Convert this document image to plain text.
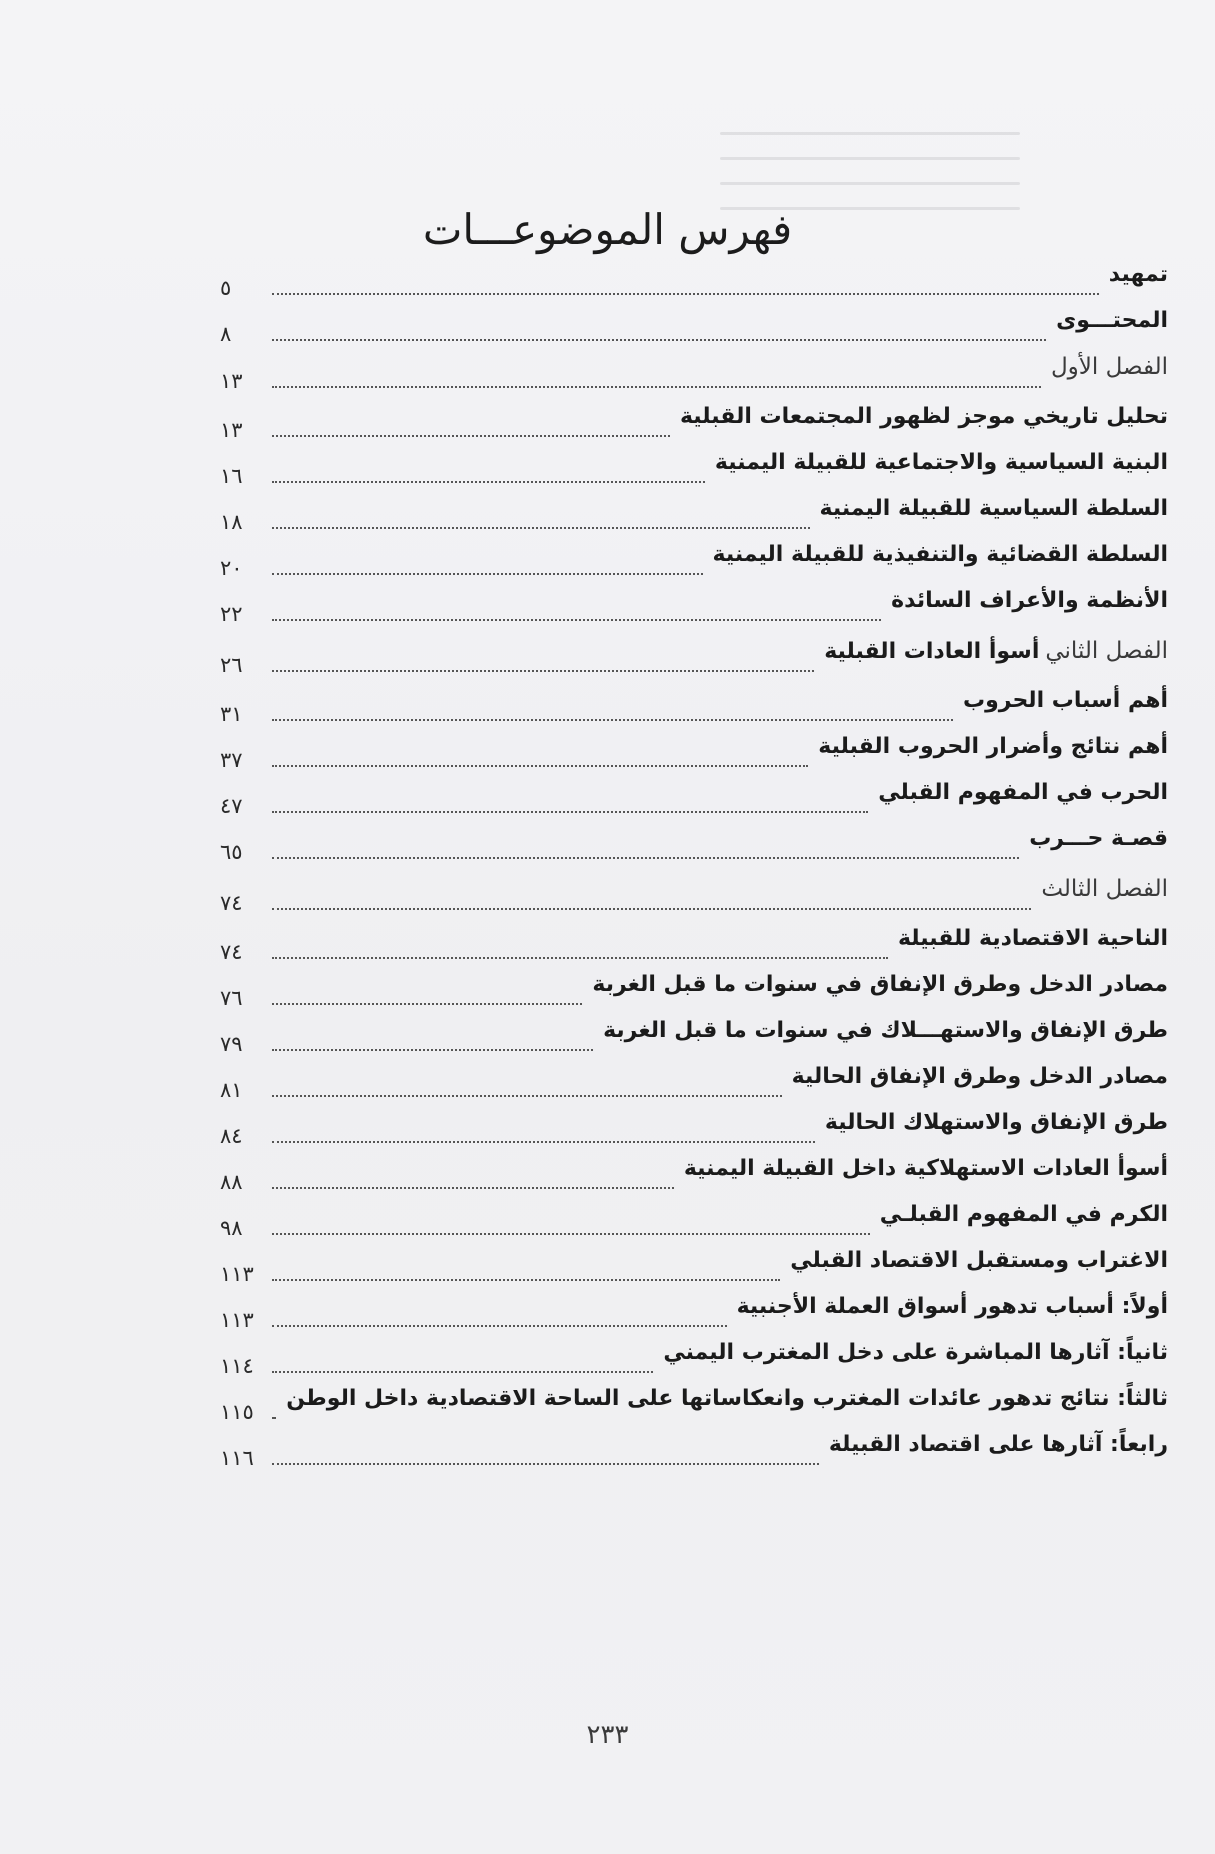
فهرس الموضوعـــات
تمهيد
٥
المحتـــوى
٨
الفصل الأول
١٣
تحليل تاريخي موجز لظهور المجتمعات القبلية
١٣
البنية السياسية والاجتماعية للقبيلة اليمنية
١٦
السلطة السياسية للقبيلة اليمنية
١٨
السلطة القضائية والتنفيذية للقبيلة اليمنية
٢٠
الأنظمة والأعراف السائدة
٢٢
الفصل الثاني
أسوأ العادات القبلية
٢٦
أهم أسباب الحروب
٣١
أهم نتائج وأضرار الحروب القبلية
٣٧
الحرب في المفهوم القبلي
٤٧
قصـة حـــرب
٦٥
الفصل الثالث
٧٤
الناحية الاقتصادية للقبيلة
٧٤
مصادر الدخل وطرق الإنفاق في سنوات ما قبل الغربة
٧٦
طرق الإنفاق والاستهـــلاك في سنوات ما قبل الغربة
٧٩
مصادر الدخل وطرق الإنفاق الحالية
٨١
طرق الإنفاق والاستهلاك الحالية
٨٤
أسوأ العادات الاستهلاكية داخل القبيلة اليمنية
٨٨
الكرم في المفهوم القبلـي
٩٨
الاغتراب ومستقبل الاقتصاد القبلي
١١٣
أولاً: أسباب تدهور أسواق العملة الأجنبية
١١٣
ثانياً: آثارها المباشرة على دخل المغترب اليمني
١١٤
ثالثاً: نتائج تدهور عائدات المغترب وانعكاساتها على الساحة الاقتصادية داخل الوطن
١١٥
رابعاً: آثارها على اقتصاد القبيلة
١١٦
٢٣٣
